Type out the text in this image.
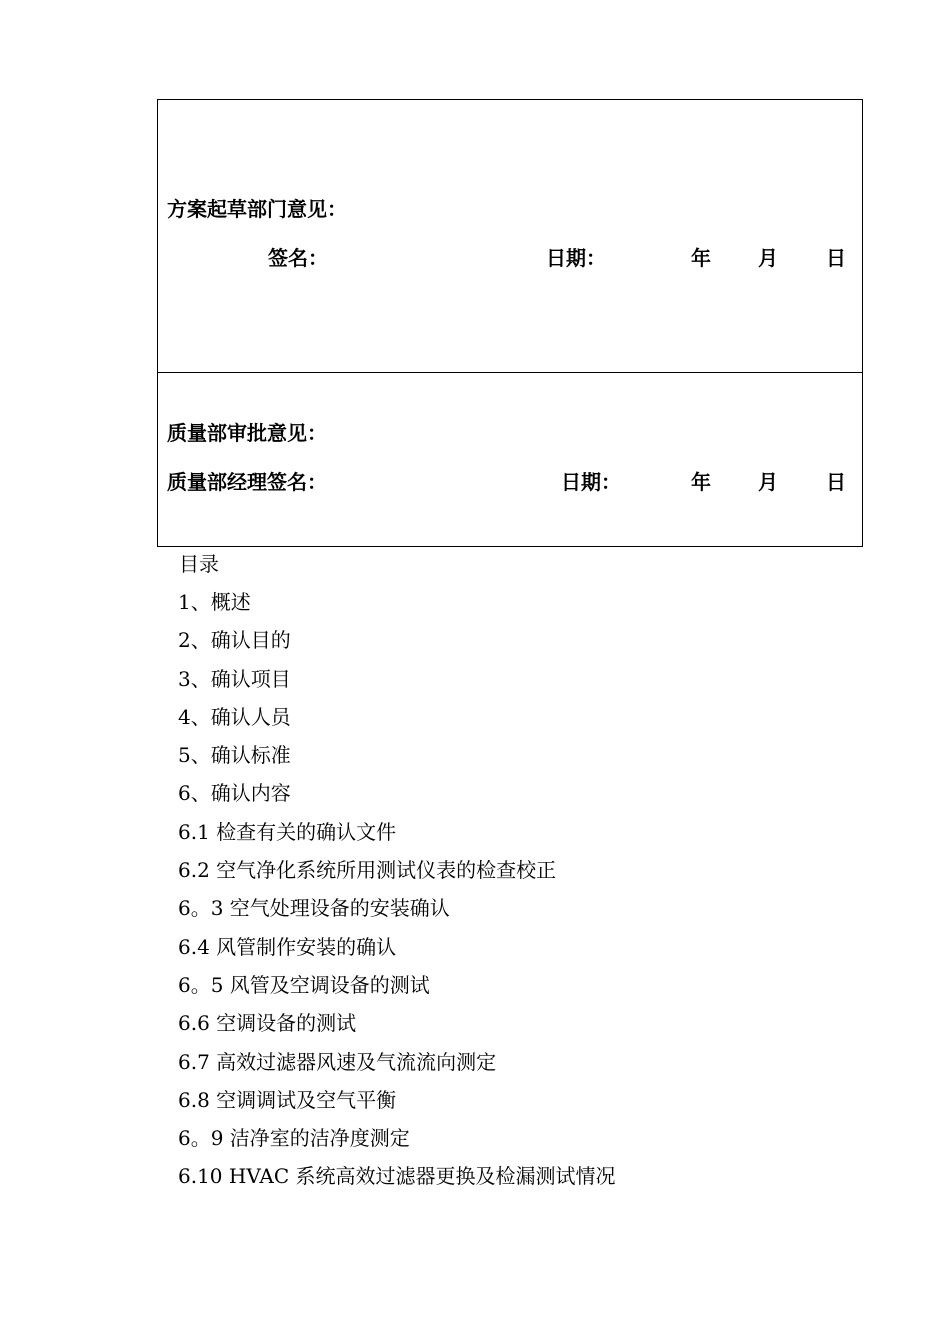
方案起草部门意见：
签名：	日期：	年 月 日
质量部审批意见：
质量部经理签名：	日期：	年 月 日
目录
1、概述
2、确认目的
3、确认项目
4、确认人员
5、确认标准
6、确认内容
6.1 检查有关的确认文件
6.2 空气净化系统所用测试仪表的检查校正
6。3 空气处理设备的安装确认
6.4 风管制作安装的确认
6。5 风管及空调设备的测试
6.6 空调设备的测试
6.7 高效过滤器风速及气流流向测定
6.8 空调调试及空气平衡
6。9 洁净室的洁净度测定
6.10 HVAC 系统高效过滤器更换及检漏测试情况
